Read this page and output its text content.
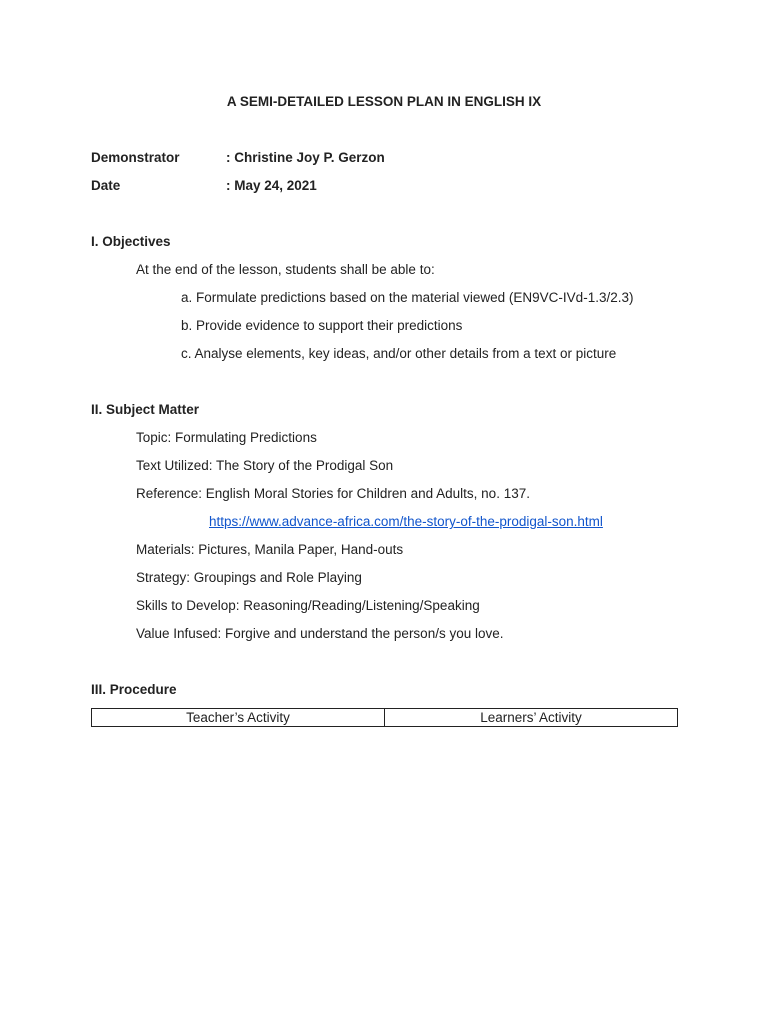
A SEMI-DETAILED LESSON PLAN IN ENGLISH IX
Demonstrator	: Christine Joy P. Gerzon
Date	: May 24, 2021
I. Objectives
At the end of the lesson, students shall be able to:
a. Formulate predictions based on the material viewed (EN9VC-IVd-1.3/2.3)
b. Provide evidence to support their predictions
c. Analyse elements, key ideas, and/or other details from a text or picture
II. Subject Matter
Topic: Formulating Predictions
Text Utilized: The Story of the Prodigal Son
Reference: English Moral Stories for Children and Adults, no. 137.
https://www.advance-africa.com/the-story-of-the-prodigal-son.html
Materials: Pictures, Manila Paper, Hand-outs
Strategy: Groupings and Role Playing
Skills to Develop: Reasoning/Reading/Listening/Speaking
Value Infused: Forgive and understand the person/s you love.
III. Procedure
Teacher’s Activity	Learners’ Activity
